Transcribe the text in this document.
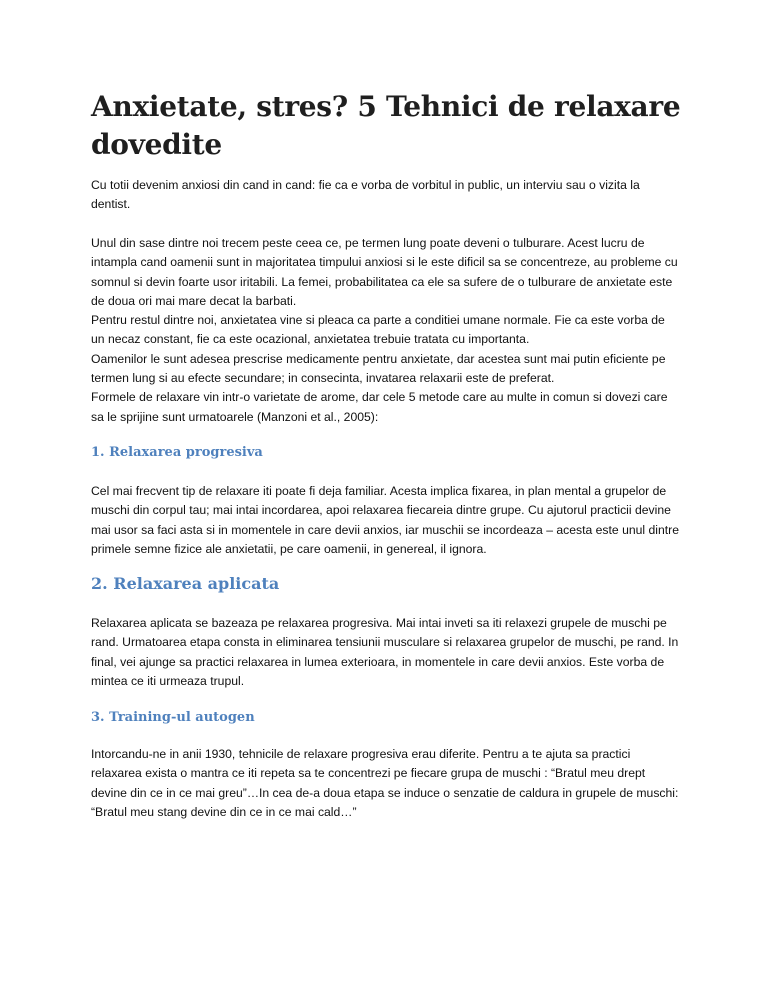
Anxietate, stres? 5 Tehnici de relaxare dovedite

Cu totii devenim anxiosi din cand in cand: fie ca e vorba de vorbitul in public, un interviu sau o vizita la dentist.

Unul din sase dintre noi trecem peste ceea ce, pe termen lung poate deveni o tulburare. Acest lucru de intampla cand oamenii sunt in majoritatea timpului anxiosi si le este dificil sa se concentreze, au probleme cu somnul si devin foarte usor iritabili. La femei, probabilitatea ca ele sa sufere de o tulburare de anxietate este de doua ori mai mare decat la barbati.

Pentru restul dintre noi, anxietatea vine si pleaca ca parte a conditiei umane normale. Fie ca este vorba de un necaz constant, fie ca este ocazional, anxietatea trebuie tratata cu importanta.

Oamenilor le sunt adesea prescrise medicamente pentru anxietate, dar acestea sunt mai putin eficiente pe termen lung si au efecte secundare; in consecinta, invatarea relaxarii este de preferat.

Formele de relaxare vin intr-o varietate de arome, dar cele 5 metode care au multe in comun si dovezi care sa le sprijine sunt urmatoarele (Manzoni et al., 2005):

1. Relaxarea progresiva

Cel mai frecvent tip de relaxare iti poate fi deja familiar. Acesta implica fixarea, in plan mental a grupelor de muschi din corpul tau; mai intai incordarea, apoi relaxarea fiecareia dintre grupe. Cu ajutorul practicii devine mai usor sa faci asta si in momentele in care devii anxios, iar muschii se incordeaza – acesta este unul dintre primele semne fizice ale anxietatii, pe care oamenii, in genereal, il ignora.

2. Relaxarea aplicata

Relaxarea aplicata se bazeaza pe relaxarea progresiva. Mai intai inveti sa iti relaxezi grupele de muschi pe rand. Urmatoarea etapa consta in eliminarea tensiunii musculare si relaxarea grupelor de muschi, pe rand. In final, vei ajunge sa practici relaxarea in lumea exterioara, in momentele in care devii anxios. Este vorba de mintea ce iti urmeaza trupul.

3. Training-ul autogen

Intorcandu-ne in anii 1930, tehnicile de relaxare progresiva erau diferite. Pentru a te ajuta sa practici relaxarea exista o mantra ce iti repeta sa te concentrezi pe fiecare grupa de muschi : “Bratul meu drept devine din ce in ce mai greu”…In cea de-a doua etapa se induce o senzatie de caldura in grupele de muschi: “Bratul meu stang devine din ce in ce mai cald…”
